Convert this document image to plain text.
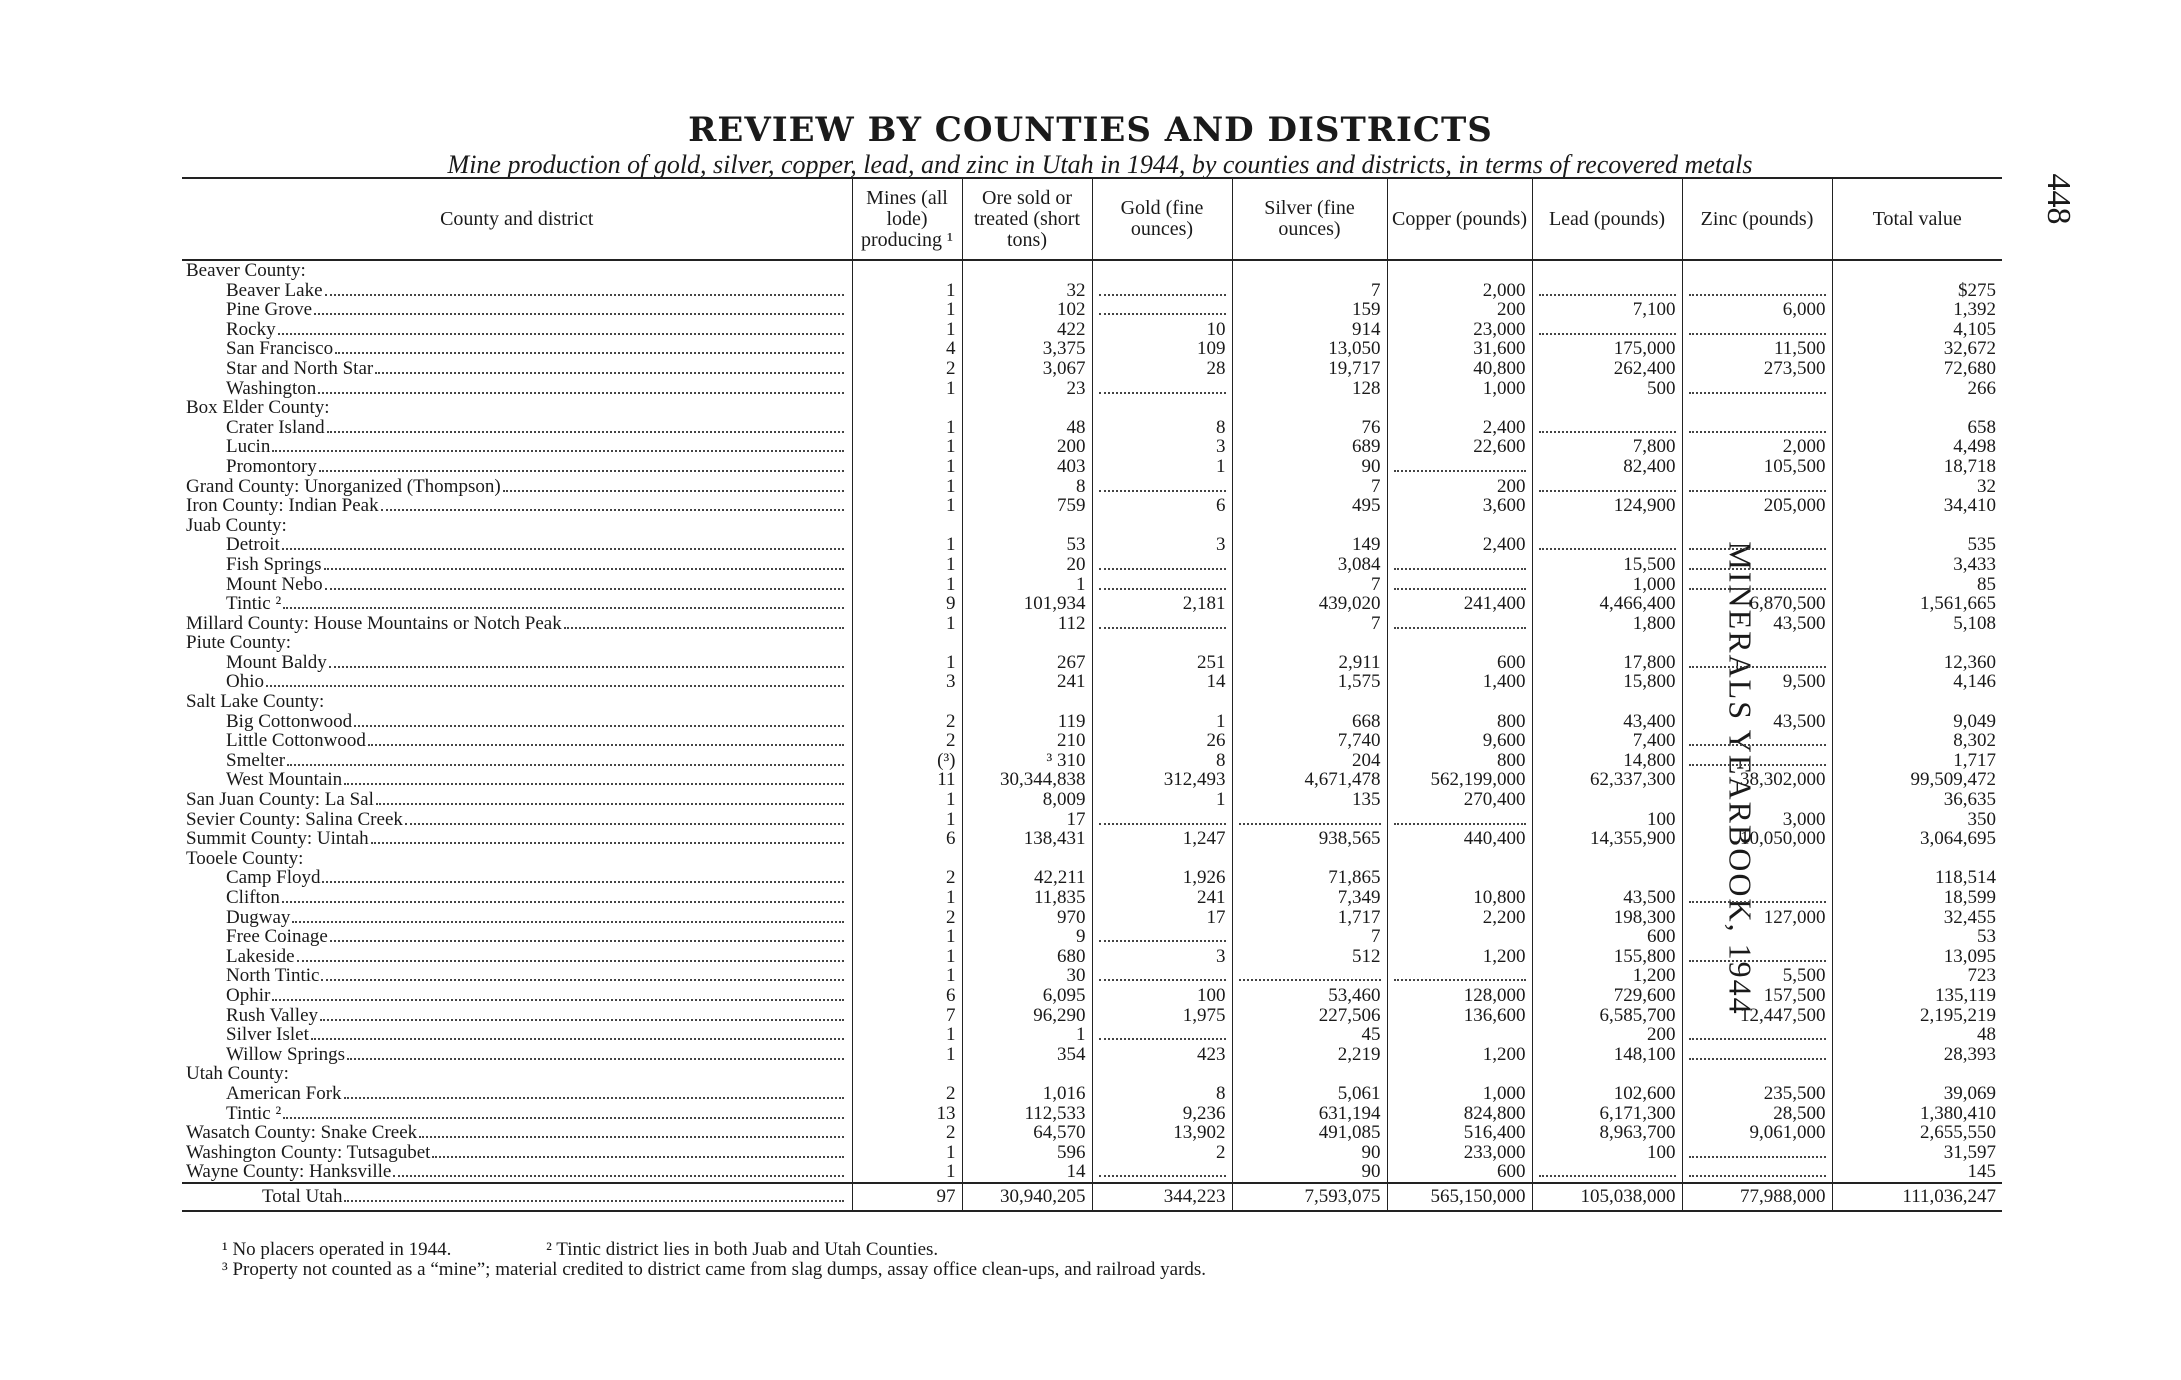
REVIEW BY COUNTIES AND DISTRICTS
Mine production of gold, silver, copper, lead, and zinc in Utah in 1944, by counties and districts, in terms of recovered metals
448
MINERALS YEARBOOK, 1944
County and district	Mines (all lode) producing ¹	Ore sold or treated (short tons)	Gold (fine ounces)	Silver (fine ounces)	Copper (pounds)	Lead (pounds)	Zinc (pounds)	Total value

Beaver County:								

Beaver Lake	1	32		7	2,000			$275

Pine Grove	1	102		159	200	7,100	6,000	1,392

Rocky	1	422	10	914	23,000			4,105

San Francisco	4	3,375	109	13,050	31,600	175,000	11,500	32,672

Star and North Star	2	3,067	28	19,717	40,800	262,400	273,500	72,680

Washington	1	23		128	1,000	500		266

Box Elder County:								

Crater Island	1	48	8	76	2,400			658

Lucin	1	200	3	689	22,600	7,800	2,000	4,498

Promontory	1	403	1	90		82,400	105,500	18,718

Grand County: Unorganized (Thompson)	1	8		7	200			32

Iron County: Indian Peak	1	759	6	495	3,600	124,900	205,000	34,410

Juab County:								

Detroit	1	53	3	149	2,400			535

Fish Springs	1	20		3,084		15,500		3,433

Mount Nebo	1	1		7		1,000		85

Tintic ²	9	101,934	2,181	439,020	241,400	4,466,400	6,870,500	1,561,665

Millard County: House Mountains or Notch Peak	1	112		7		1,800	43,500	5,108

Piute County:								

Mount Baldy	1	267	251	2,911	600	17,800		12,360

Ohio	3	241	14	1,575	1,400	15,800	9,500	4,146

Salt Lake County:								

Big Cottonwood	2	119	1	668	800	43,400	43,500	9,049

Little Cottonwood	2	210	26	7,740	9,600	7,400		8,302

Smelter	(³)	³ 310	8	204	800	14,800		1,717

West Mountain	11	30,344,838	312,493	4,671,478	562,199,000	62,337,300	38,302,000	99,509,472

San Juan County: La Sal	1	8,009	1	135	270,400			36,635

Sevier County: Salina Creek	1	17				100	3,000	350

Summit County: Uintah	6	138,431	1,247	938,565	440,400	14,355,900	10,050,000	3,064,695

Tooele County:								

Camp Floyd	2	42,211	1,926	71,865				118,514

Clifton	1	11,835	241	7,349	10,800	43,500		18,599

Dugway	2	970	17	1,717	2,200	198,300	127,000	32,455

Free Coinage	1	9		7		600		53

Lakeside	1	680	3	512	1,200	155,800		13,095

North Tintic	1	30				1,200	5,500	723

Ophir	6	6,095	100	53,460	128,000	729,600	157,500	135,119

Rush Valley	7	96,290	1,975	227,506	136,600	6,585,700	12,447,500	2,195,219

Silver Islet	1	1		45		200		48

Willow Springs	1	354	423	2,219	1,200	148,100		28,393

Utah County:								

American Fork	2	1,016	8	5,061	1,000	102,600	235,500	39,069

Tintic ²	13	112,533	9,236	631,194	824,800	6,171,300	28,500	1,380,410

Wasatch County: Snake Creek	2	64,570	13,902	491,085	516,400	8,963,700	9,061,000	2,655,550

Washington County: Tutsagubet	1	596	2	90	233,000	100		31,597

Wayne County: Hanksville	1	14		90	600			145

Total Utah	97	30,940,205	344,223	7,593,075	565,150,000	105,038,000	77,988,000	111,036,247
¹ No placers operated in 1944.	² Tintic district lies in both Juab and Utah Counties.
³ Property not counted as a “mine”; material credited to district came from slag dumps, assay office clean-ups, and railroad yards.
